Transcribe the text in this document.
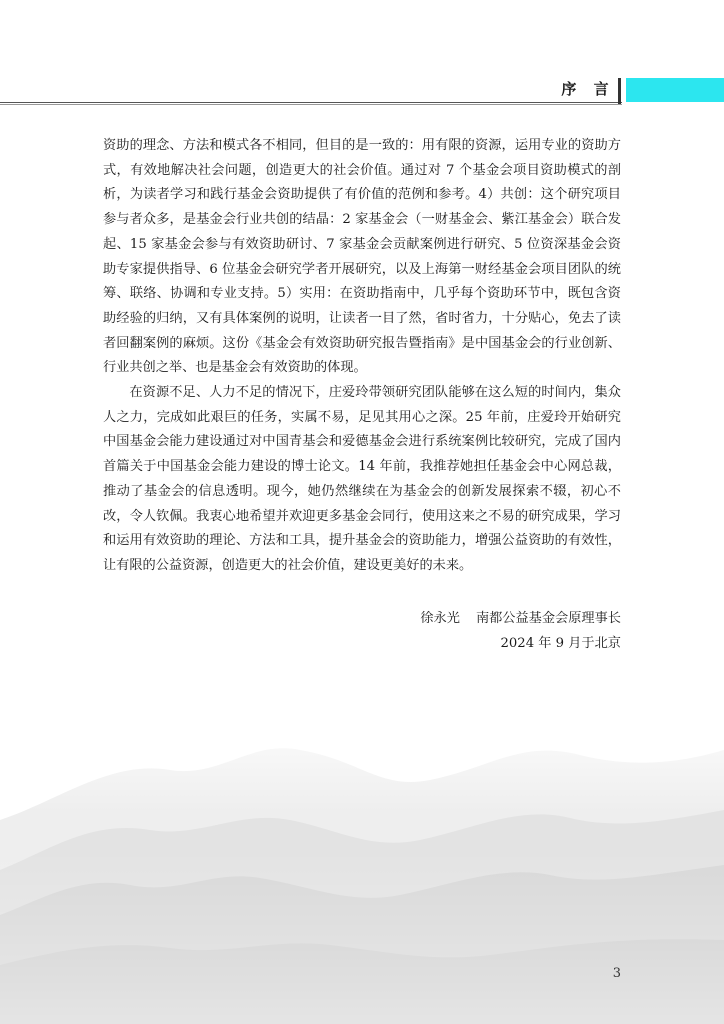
序 言

资助的理念、方法和模式各不相同，但目的是一致的：用有限的资源，运用专业的资助方式，有效地解决社会问题，创造更大的社会价值。通过对 7 个基金会项目资助模式的剖析，为读者学习和践行基金会资助提供了有价值的范例和参考。4）共创：这个研究项目参与者众多，是基金会行业共创的结晶：2 家基金会（一财基金会、紫江基金会）联合发起、15 家基金会参与有效资助研讨、7 家基金会贡献案例进行研究、5 位资深基金会资助专家提供指导、6 位基金会研究学者开展研究，以及上海第一财经基金会项目团队的统筹、联络、协调和专业支持。5）实用：在资助指南中，几乎每个资助环节中，既包含资助经验的归纳，又有具体案例的说明，让读者一目了然，省时省力，十分贴心，免去了读者回翻案例的麻烦。这份《基金会有效资助研究报告暨指南》是中国基金会的行业创新、行业共创之举、也是基金会有效资助的体现。

在资源不足、人力不足的情况下，庄爱玲带领研究团队能够在这么短的时间内，集众人之力，完成如此艰巨的任务，实属不易，足见其用心之深。25 年前，庄爱玲开始研究中国基金会能力建设通过对中国青基会和爱德基金会进行系统案例比较研究，完成了国内首篇关于中国基金会能力建设的博士论文。14 年前，我推荐她担任基金会中心网总裁，推动了基金会的信息透明。现今，她仍然继续在为基金会的创新发展探索不辍，初心不改，令人钦佩。我衷心地希望并欢迎更多基金会同行，使用这来之不易的研究成果，学习和运用有效资助的理论、方法和工具，提升基金会的资助能力，增强公益资助的有效性，让有限的公益资源，创造更大的社会价值，建设更美好的未来。

徐永光 南都公益基金会原理事长
2024 年 9 月于北京
3
